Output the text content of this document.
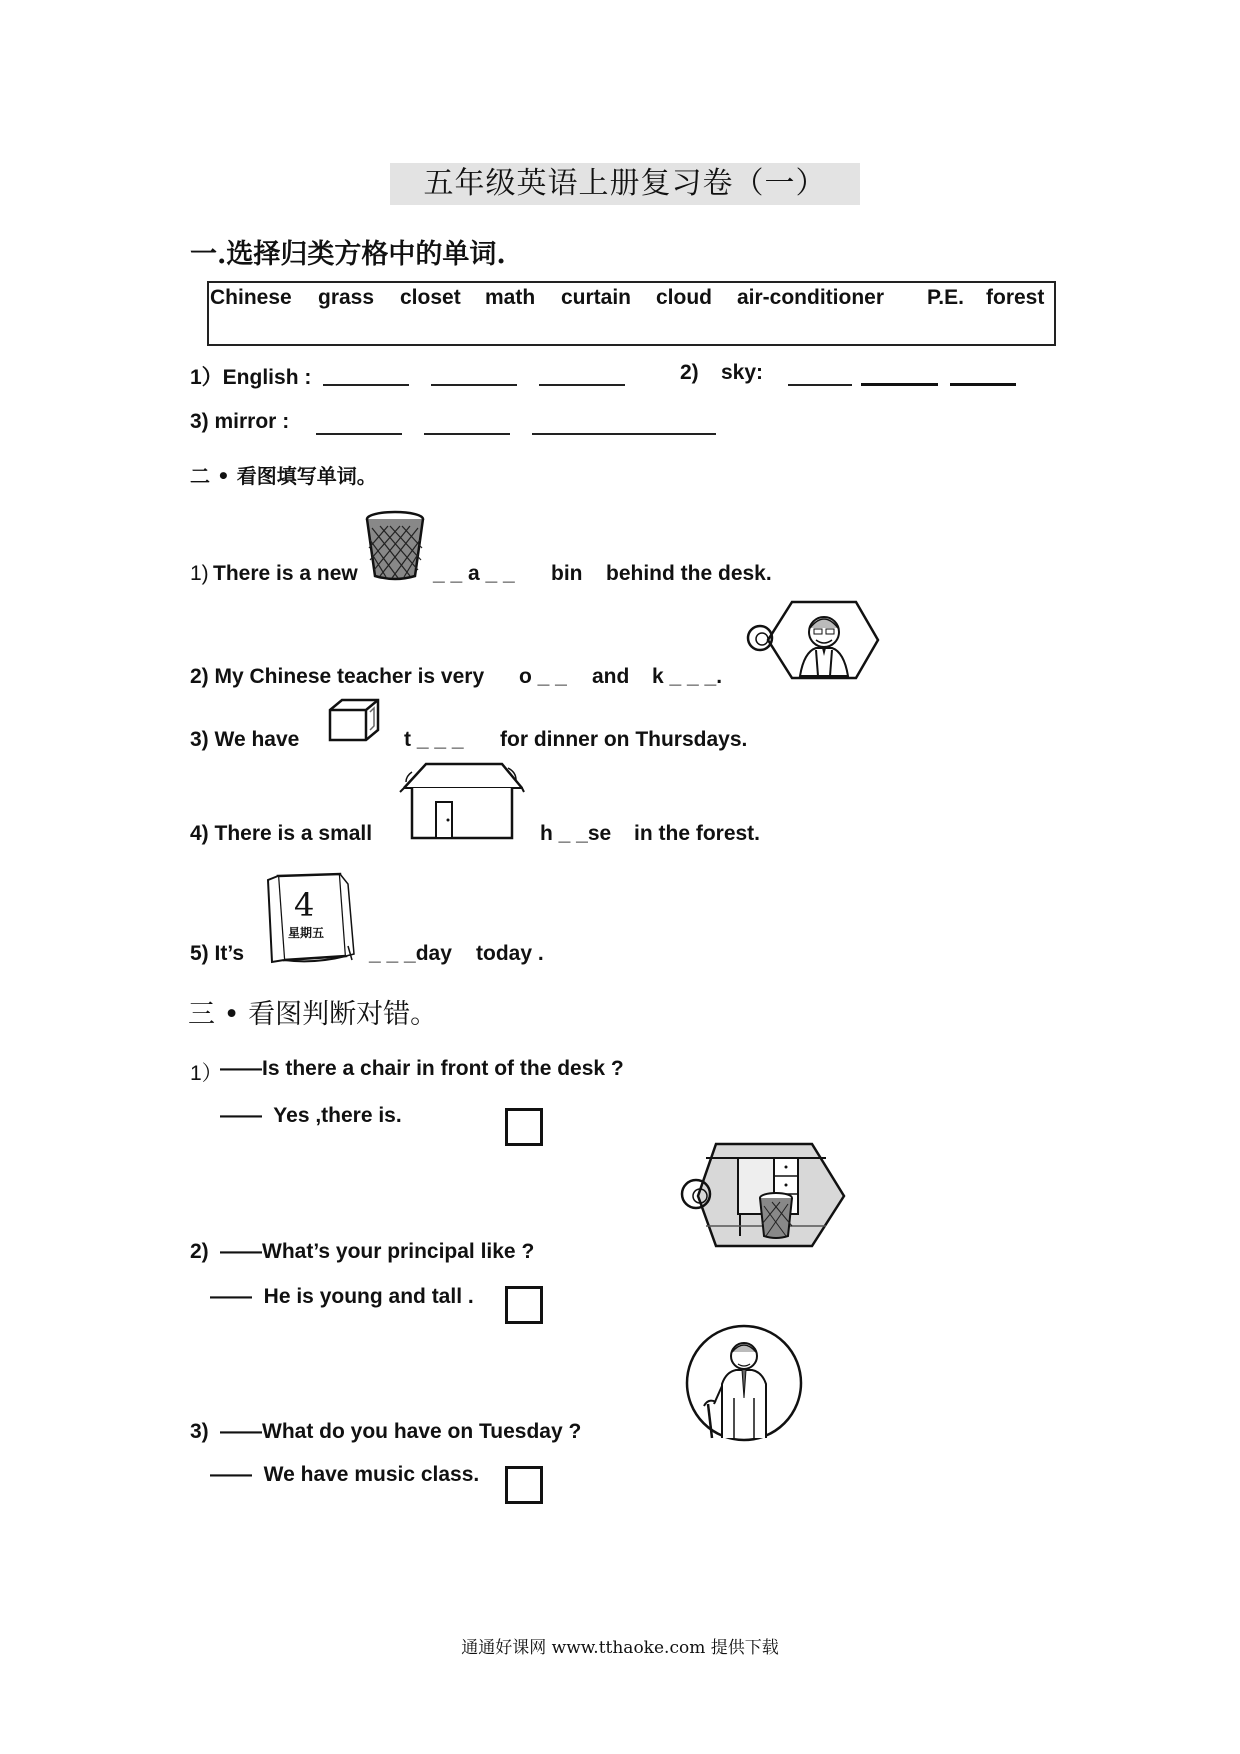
五年级英语上册复习卷（一）
一.选择归类方格中的单词.
Chinese grass closet math curtain cloud air-conditioner P.E. forest
1）English :	2) sky:
3) mirror :
二 • 看图填写单词。
1) There is a new	_ _ a _ _ bin behind the desk.
2) My Chinese teacher is very o _ _ and k _ _ _.
3) We have	t _ _ _ for dinner on Thursdays.
4) There is a small	h _ _se in the forest.
5) It’s
4
星期五
_ _ _day today .
三 • 看图判断对错。
1）
——Is there a chair in front of the desk ?
——  Yes ,there is.
2) ——What’s your principal like ?
——  He is young and tall .
3) ——What do you have on Tuesday ?
——  We have music class.
通通好课网 www.tthaoke.com 提供下载
